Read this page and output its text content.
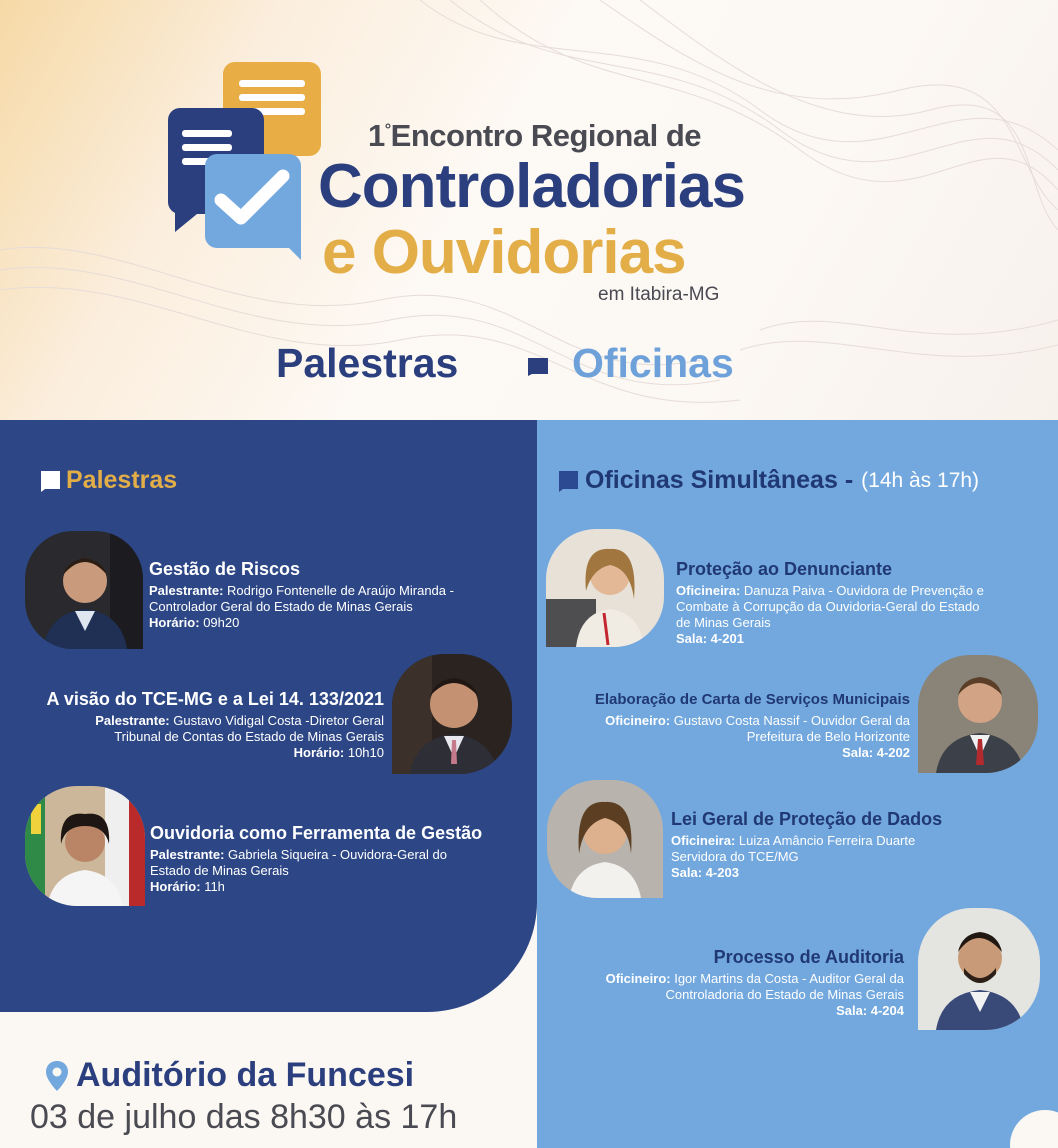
1°Encontro Regional de
Controladorias
e Ouvidorias
em Itabira-MG
Palestras	Oficinas
Palestras
Gestão de Riscos
Palestrante: Rodrigo Fontenelle de Araújo Miranda -
Controlador Geral do Estado de Minas Gerais
Horário: 09h20
A visão do TCE-MG e a Lei 14. 133/2021
Palestrante: Gustavo Vidigal Costa -Diretor Geral
Tribunal de Contas do Estado de Minas Gerais
Horário: 10h10
Ouvidoria como Ferramenta de Gestão
Palestrante: Gabriela Siqueira - Ouvidora-Geral do
Estado de Minas Gerais
Horário: 11h
Oficinas Simultâneas - (14h às 17h)
Proteção ao Denunciante
Oficineira: Danuza Paiva - Ouvidora de Prevenção e
Combate à Corrupção da Ouvidoria-Geral do Estado
de Minas Gerais
Sala: 4-201
Elaboração de Carta de Serviços Municipais
Oficineiro: Gustavo Costa Nassif - Ouvidor Geral da
Prefeitura de Belo Horizonte
Sala: 4-202
Lei Geral de Proteção de Dados
Oficineira: Luiza Amâncio Ferreira Duarte
Servidora do TCE/MG
Sala: 4-203
Processo de Auditoria
Oficineiro: Igor Martins da Costa - Auditor Geral da
Controladoria do Estado de Minas Gerais
Sala: 4-204
Auditório da Funcesi
03 de julho das 8h30 às 17h
